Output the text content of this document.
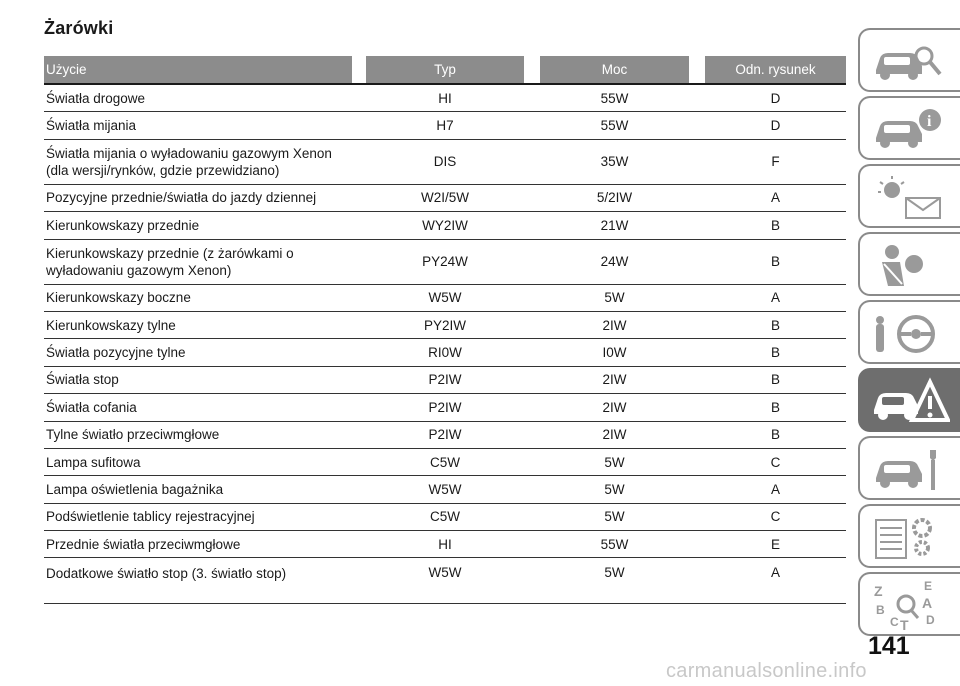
Żarówki
Użycie	Typ	Moc	Odn. rysunek

Światła drogowe	HI	55W	D
Światła mijania	H7	55W	D

Światła mijania o wyładowaniu gazowym Xenon
(dla wersji/rynków, gdzie przewidziano)	DIS	35W	F
Pozycyjne przednie/światła do jazdy dziennej	W2I/5W	5/2IW	A
Kierunkowskazy przednie	WY2IW	21W	B

Kierunkowskazy przednie (z żarówkami o
wyładowaniu gazowym Xenon)	PY24W	24W	B
Kierunkowskazy boczne	W5W	5W	A
Kierunkowskazy tylne	PY2IW	2IW	B
Światła pozycyjne tylne	RI0W	I0W	B
Światła stop	P2IW	2IW	B
Światła cofania	P2IW	2IW	B
Tylne światło przeciwmgłowe	P2IW	2IW	B
Lampa sufitowa	C5W	5W	C
Lampa oświetlenia bagażnika	W5W	5W	A
Podświetlenie tablicy rejestracyjnej	C5W	5W	C
Przednie światła przeciwmgłowe	HI	55W	E
Dodatkowe światło stop (3. światło stop)	W5W	5W	A
i
Z	E
A
B
C T D
141
carmanualsonline.info
